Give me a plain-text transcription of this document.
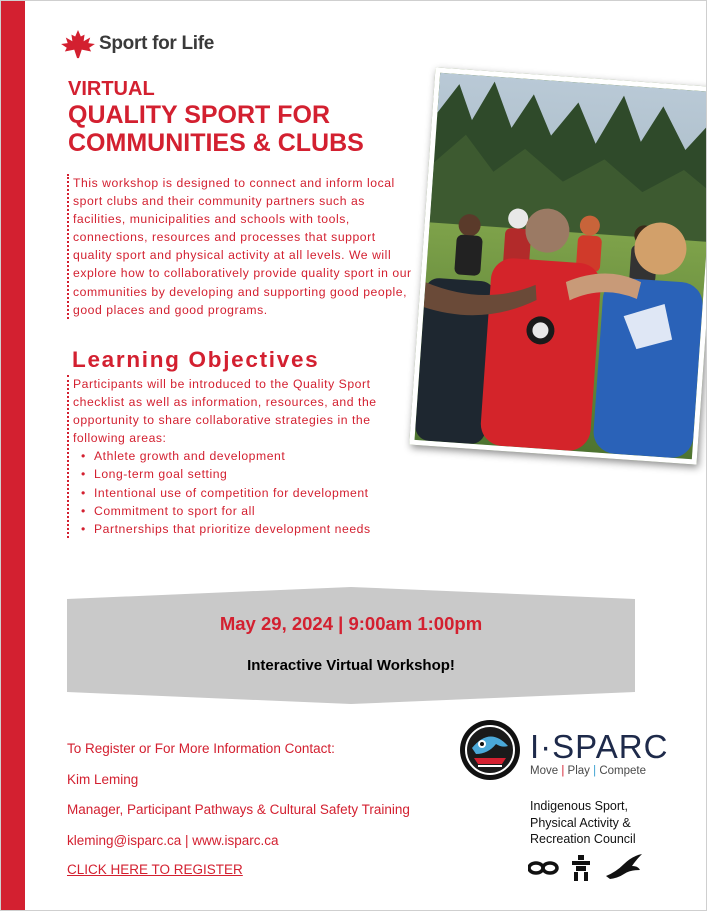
Sport for Life
VIRTUAL
QUALITY SPORT FOR
COMMUNITIES & CLUBS
This workshop is designed to connect and inform local sport clubs and their community partners such as facilities, municipalities and schools with tools, connections, resources and processes that support quality sport and physical activity at all levels. We will explore how to collaboratively provide quality sport in our communities by developing and supporting good people, good places and good programs.
Learning Objectives
Participants will be introduced to the Quality Sport checklist as well as information, resources, and the opportunity to share collaborative strategies in the following areas:
• Athlete growth and development
• Long-term goal setting
• Intentional use of competition for development
• Commitment to sport for all
• Partnerships that prioritize development needs
May 29, 2024 | 9:00am 1:00pm
Interactive Virtual Workshop!
To Register or For More Information Contact:
Kim Leming
Manager, Participant Pathways & Cultural Safety Training
kleming@isparc.ca | www.isparc.ca
CLICK HERE TO REGISTER
I·SPARC
Move | Play | Compete
Indigenous Sport,
Physical Activity &
Recreation Council
